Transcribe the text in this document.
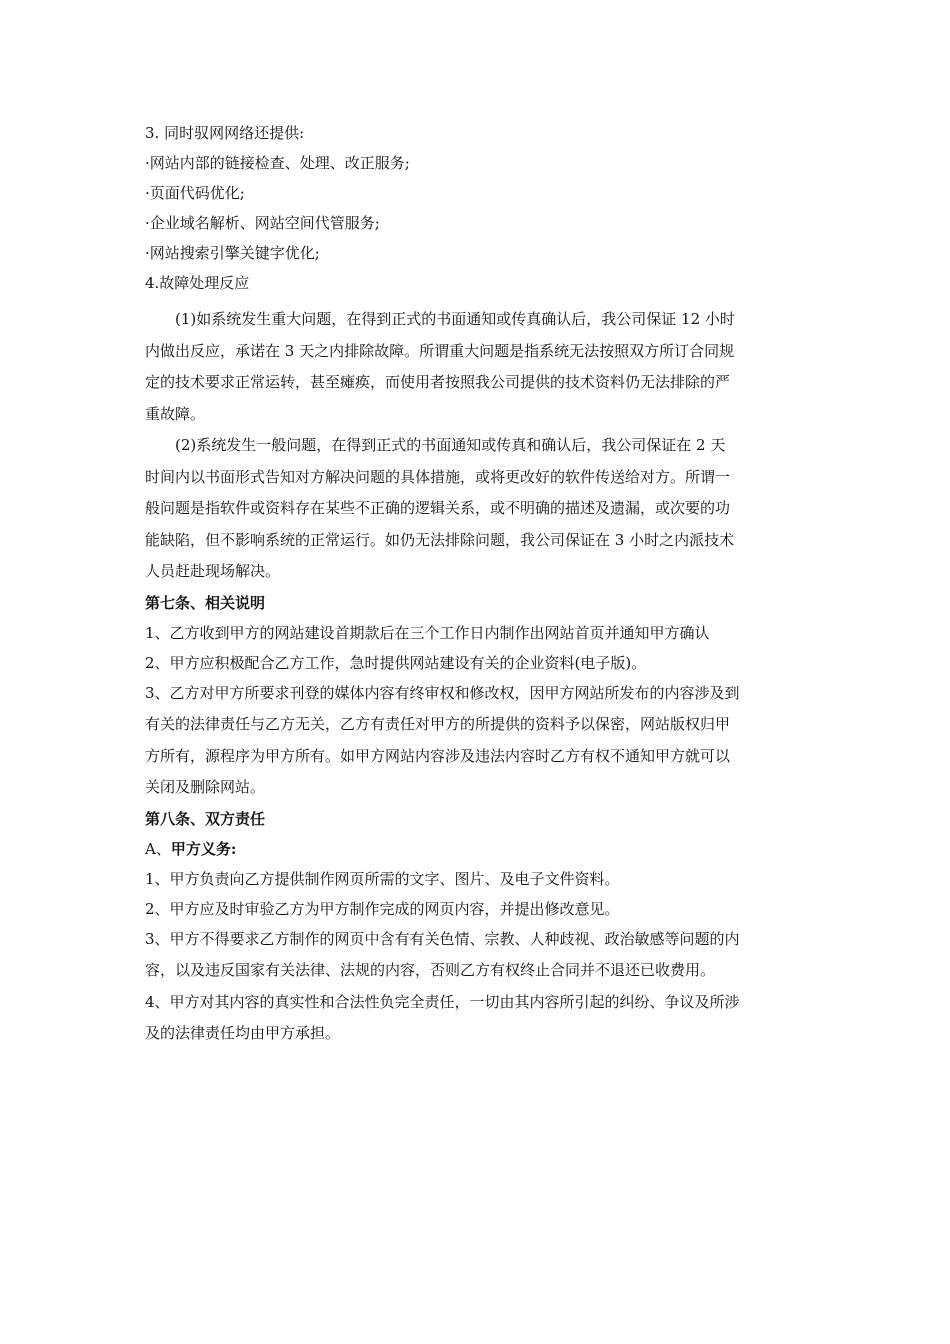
3. 同时驭网网络还提供:
·网站内部的链接检查、处理、改正服务;
·页面代码优化;
·企业域名解析、网站空间代管服务;
·网站搜索引擎关键字优化;
4.故障处理反应
(1)如系统发生重大问题，在得到正式的书面通知或传真确认后，我公司保证 12 小时
内做出反应，承诺在 3 天之内排除故障。所谓重大问题是指系统无法按照双方所订合同规
定的技术要求正常运转，甚至瘫痪，而使用者按照我公司提供的技术资料仍无法排除的严
重故障。
(2)系统发生一般问题，在得到正式的书面通知或传真和确认后，我公司保证在 2 天
时间内以书面形式告知对方解决问题的具体措施，或将更改好的软件传送给对方。所谓一
般问题是指软件或资料存在某些不正确的逻辑关系，或不明确的描述及遗漏，或次要的功
能缺陷，但不影响系统的正常运行。如仍无法排除问题，我公司保证在 3 小时之内派技术
人员赶赴现场解决。
第七条、相关说明
1、乙方收到甲方的网站建设首期款后在三个工作日内制作出网站首页并通知甲方确认
2、甲方应积极配合乙方工作，急时提供网站建设有关的企业资料(电子版)。
3、乙方对甲方所要求刊登的媒体内容有终审权和修改权，因甲方网站所发布的内容涉及到
有关的法律责任与乙方无关，乙方有责任对甲方的所提供的资料予以保密，网站版权归甲
方所有，源程序为甲方所有。如甲方网站内容涉及违法内容时乙方有权不通知甲方就可以
关闭及删除网站。
第八条、双方责任
A、甲方义务:
1、甲方负责向乙方提供制作网页所需的文字、图片、及电子文件资料。
2、甲方应及时审验乙方为甲方制作完成的网页内容，并提出修改意见。
3、甲方不得要求乙方制作的网页中含有有关色情、宗教、人种歧视、政治敏感等问题的内
容，以及违反国家有关法律、法规的内容，否则乙方有权终止合同并不退还已收费用。
4、甲方对其内容的真实性和合法性负完全责任，一切由其内容所引起的纠纷、争议及所涉
及的法律责任均由甲方承担。
